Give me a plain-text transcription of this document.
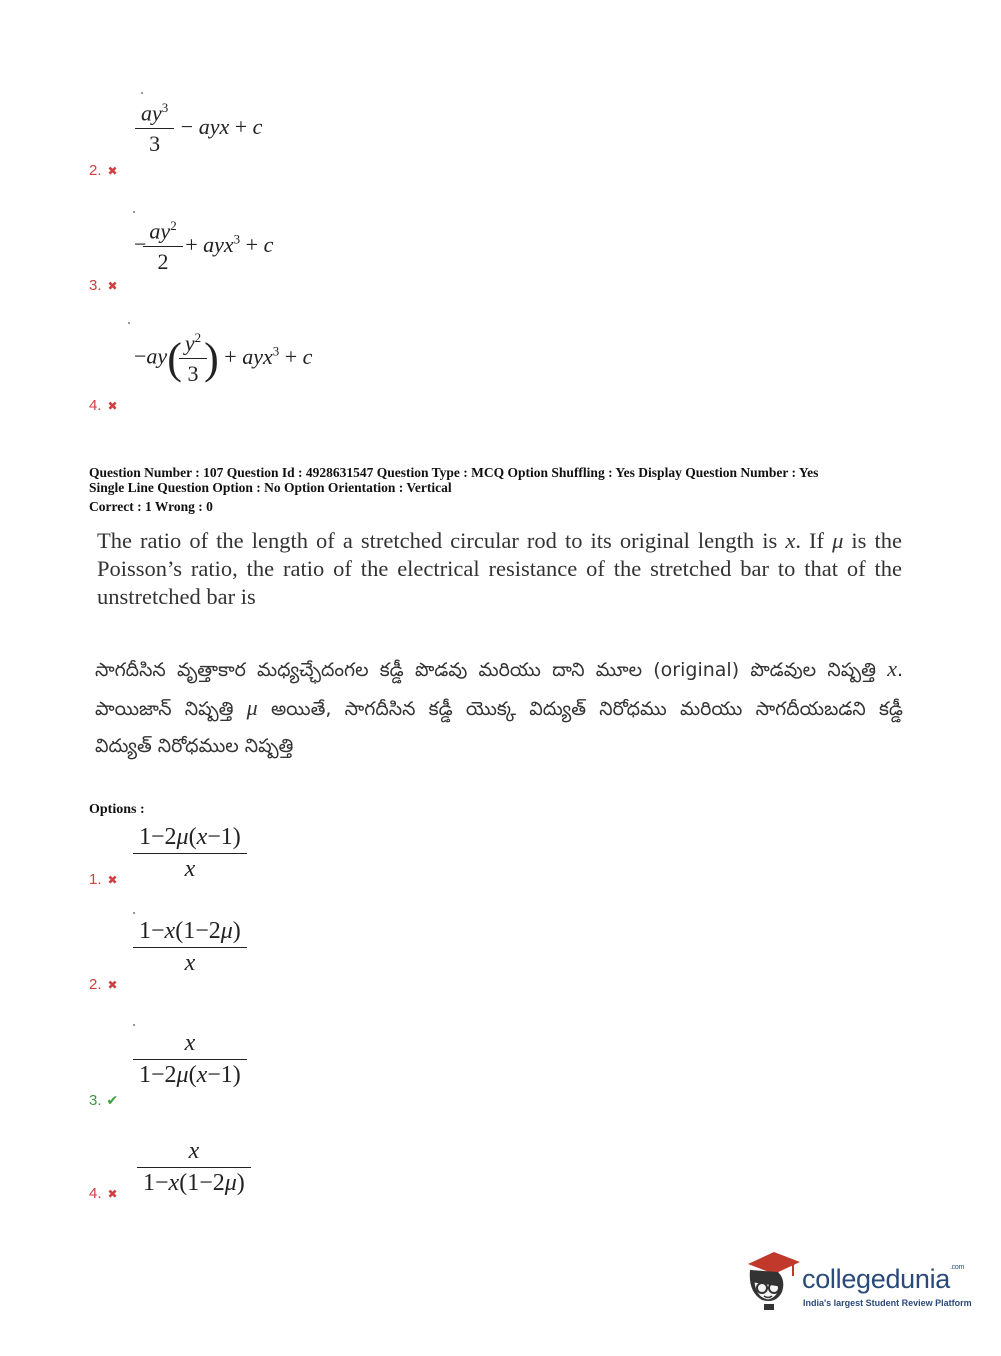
$\frac{ay^3}{3}$ − ayx + c
2. ✖
− $\frac{ay^2}{2} + ayx^3 + c$
3. ✖
$-ay( \frac{y^2}{3}$ ) + ayx$^3$ + c
4. ✖
Question Number : 107 Question Id : 4928631547 Question Type : MCQ Option Shuffling : Yes Display Question Number : Yes
Single Line Question Option : No Option Orientation : Vertical
Correct : 1 Wrong : 0
The ratio of the length of a stretched circular rod to its original length is x. If μ is the
Poisson’s ratio, the ratio of the electrical resistance of the stretched bar to that of the
unstretched bar is
సాగదీసిన వృత్తాకార మధ్యచ్ఛేదంగల కడ్డీ పొడవు మరియు దాని మూల (original) పొడవుల నిష్పత్తి x.
పాయిజాన్ నిష్పత్తి μ అయితే, సాగదీసిన కడ్డీ యొక్క విద్యుత్ నిరోధము మరియు సాగదీయబడని కడ్డీ
విద్యుత్ నిరోధముల నిష్పత్తి
Options :
$\frac{1-2\mu(x-1)}{x}$
1. ✖
$\frac{1-x(1-2\mu)}{x}$
2. ✖
$\frac{x}{1-2\mu(x-1)}$
3. ✔
$\frac{x}{1-x(1-2\mu)}$
4. ✖
collegedunia$^{.com}$
India's largest Student Review Platform
